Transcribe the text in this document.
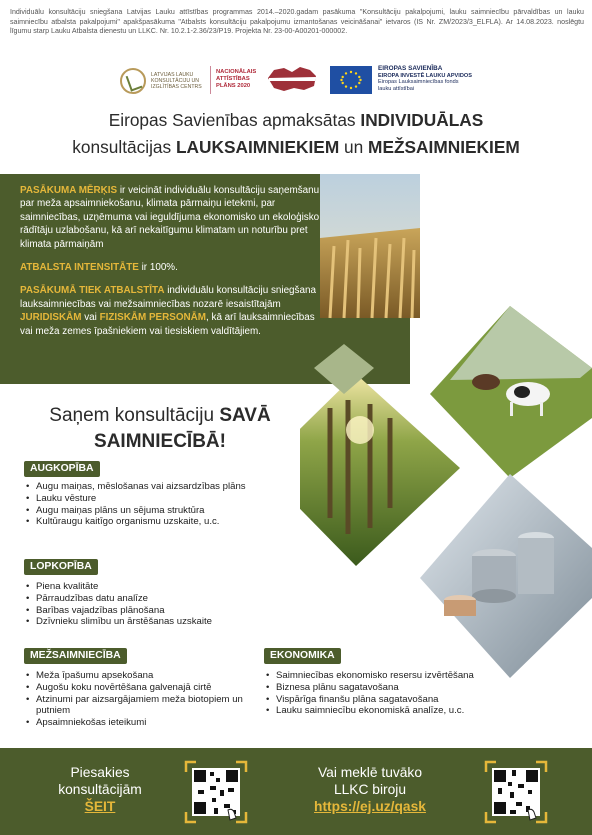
Individuālu konsultāciju sniegšana Latvijas Lauku attīstības programmas 2014.–2020.gadam pasākuma "Konsultāciju pakalpojumi, lauku saimniecību pārvaldības un lauku saimniecību atbalsta pakalpojumi" apakšpasākuma "Atbalsts konsultāciju pakalpojumu izmantošanas veicināšanai" ietvaros (IS Nr. ZM/2023/3_ELFLA). Ar 14.08.2023. noslēgtu līgumu starp Lauku Atbalsta dienestu un LLKC. Nr. 10.2.1-2.36/23/P19. Projekta Nr. 23-00-A00201-000002.
LATVIJAS LAUKU KONSULTĀCIJU UN IZGLĪTĪBAS CENTRS
NACIONĀLAIS
ATTĪSTĪBAS
PLĀNS 2020
EIROPAS SAVIENĪBA
EIROPA INVESTĒ LAUKU APVIDOS
Eiropas Lauksaimniecības fonds
lauku attīstībai
Eiropas Savienības apmaksātas INDIVIDUĀLAS
konsultācijas LAUKSAIMNIEKIEM un MEŽSAIMNIEKIEM

PASĀKUMA MĒRĶIS ir veicināt individuālu konsultāciju saņemšanu par meža apsaimniekošanu, klimata pārmaiņu ietekmi, par saimniecības, uzņēmuma vai ieguldījuma ekonomisko un ekoloģisko rādītāju uzlabošanu, kā arī nekaitīgumu klimatam un noturību pret klimata pārmaiņām

ATBALSTA INTENSITĀTE ir 100%.

PASĀKUMĀ TIEK ATBALSTĪTA individuālu konsultāciju sniegšana lauksaimniecības vai mežsaimniecības nozarē iesaistītajām JURIDISKĀM vai FIZISKĀM PERSONĀM, kā arī lauksaimniecības vai meža zemes īpašniekiem vai tiesiskiem valdītājiem.

Saņem konsultāciju SAVĀ
SAIMNIECĪBĀ!
AUGKOPĪBA
• Augu maiņas, mēslošanas vai aizsardzības plāns
• Lauku vēsture
• Augu maiņas plāns un sējuma struktūra
• Kultūraugu kaitīgo organismu uzskaite, u.c.
LOPKOPĪBA
• Piena kvalitāte
• Pārraudzības datu analīze
• Barības vajadzības plānošana
• Dzīvnieku slimību un ārstēšanas uzskaite
MEŽSAIMNIECĪBA
• Meža īpašumu apsekošana
• Augošu koku novērtēšana galvenajā cirtē
• Atzinumi par aizsargājamiem meža biotopiem un putniem
• Apsaimniekošas ieteikumi
EKONOMIKA
• Saimniecības ekonomisko resersu izvērtēšana
• Biznesa plānu sagatavošana
• Vispārīga finanšu plāna sagatavošana
• Lauku saimniecību ekonomiskā analīze, u.c.
Piesakies
konsultācijām
ŠEIT
Vai meklē tuvāko
LLKC biroju
https://ej.uz/qask
